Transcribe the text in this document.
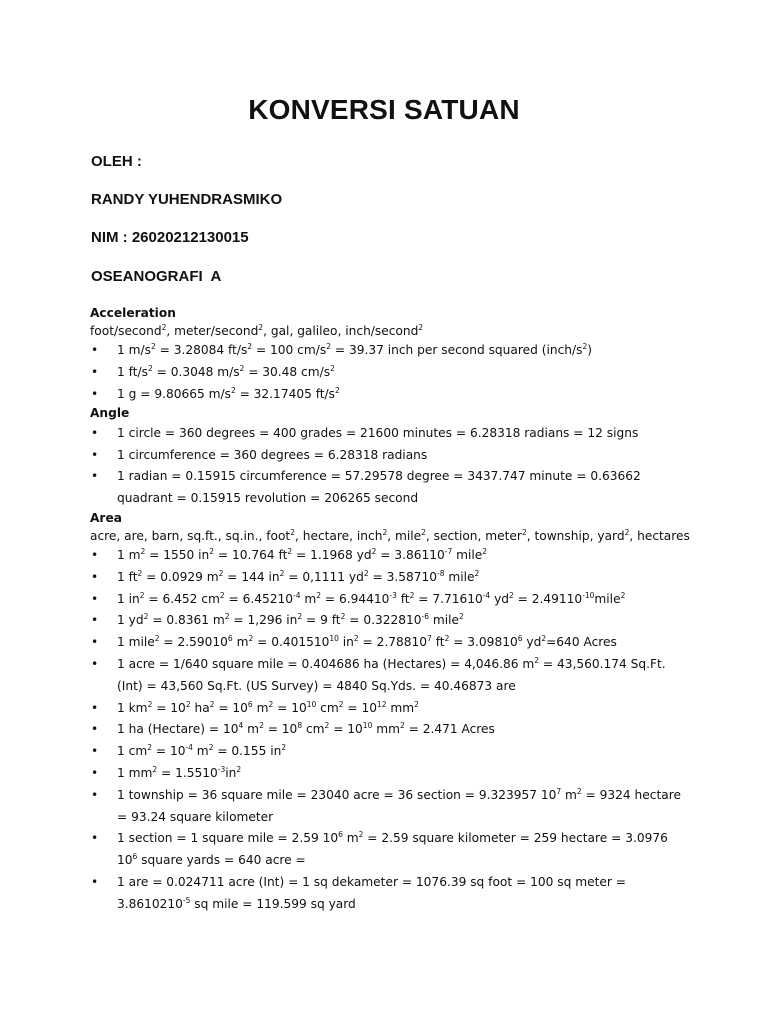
KONVERSI SATUAN
OLEH :
RANDY YUHENDRASMIKO
NIM : 26020212130015
OSEANOGRAFI  A
Acceleration
foot/second$^2$, meter/second$^2$, gal, galileo, inch/second$^2$
• 1 $m/s^2 = 3.28084$ $ft/s^2 = 100$ $cm/s^2 = 39.37$ inch per second squared $(inch/s^2)$
• 1 $ft/s^2 = 0.3048$ $m/s^2 = 30.48$ $cm/s^2$
• 1 g = 9.80665 $m/s^2 = 32.17405$ $ft/s^2$
Angle
• 1 circle = 360 degrees = 400 grades = 21600 minutes = 6.28318 radians = 12 signs
• 1 circumference = 360 degrees = 6.28318 radians
• 1 radian = 0.15915 circumference = 57.29578 degree = 3437.747 minute = 0.63662 quadrant = 0.15915 revolution = 206265 second
Area
acre, are, barn, sq.ft., sq.in., foot$^2$, hectare, inch$^2$, mile$^2$, section, meter$^2$, township, yard$^2$, hectares
• 1 $m^2 = 1550$ $in^2 = 10.764$ $ft^2 = 1.1968$ $yd^2 = 3.86110^{-7}$ mile$^2$
• 1 $ft^2 = 0.0929$ $m^2 = 144$ $in^2 = 0,1111$ $yd^2 = 3.58710^{-8}$ mile$^2$
• 1 $in^2 = 6.452$ $cm^2 = 6.45210^{-4}$ $m^2 = 6.94410^{-3}$ $ft^2 = 7.71610^{-4}$ $yd^2$ = $2.49110^{-10}mile^2$
• 1 $yd^2 = 0.8361$ $m^2 = 1,296$ $in^2 = 9$ $ft^2 = 0.322810^{-6}$ mile$^2$
• 1 mile$^2$ = $2.59010^6$ $m^2 = 0.401510^{10}$ $in^2 = 2.78810^7$ $ft^2 = 3.09810^6$ $yd^2=640$ Acres
• 1 acre = 1/640 square mile = 0.404686 ha (Hectares) = 4,046.86 $m^2 = 43,560.174$ Sq.Ft. (Int) = 43,560 Sq.Ft. (US Survey) = 4840 Sq.Yds. = 40.46873 are
• 1 $km^2 = 10^2$ $ha^2 = 10^6$ $m^2 = 10^{10}$ $cm^2 = 10^{12}$ $mm^2$
• 1 ha (Hectare) = $10^4$ $m^2 = 10^8$ $cm^2 = 10^{10}$ $mm^2 = 2.471$ Acres
• 1 $cm^2 = 10^{-4}$ $m^2 = 0.155$ $in^2$
• 1 $mm^2 = 1.5510^{-3}in^2$
• 1 township = 36 square mile = 23040 acre = 36 section = 9.323957 $10^7$ $m^2 = 9324$ hectare = 93.24 square kilometer
• 1 section = 1 square mile = 2.59 $10^6$ $m^2 = 2.59$ square kilometer = 259 hectare = 3.0976 $10^6$ square yards = 640 acre =
• 1 are = 0.024711 acre (Int) = 1 sq dekameter = 1076.39 sq foot = 100 sq meter = $3.8610210^{-5}$ sq mile = 119.599 sq yard
